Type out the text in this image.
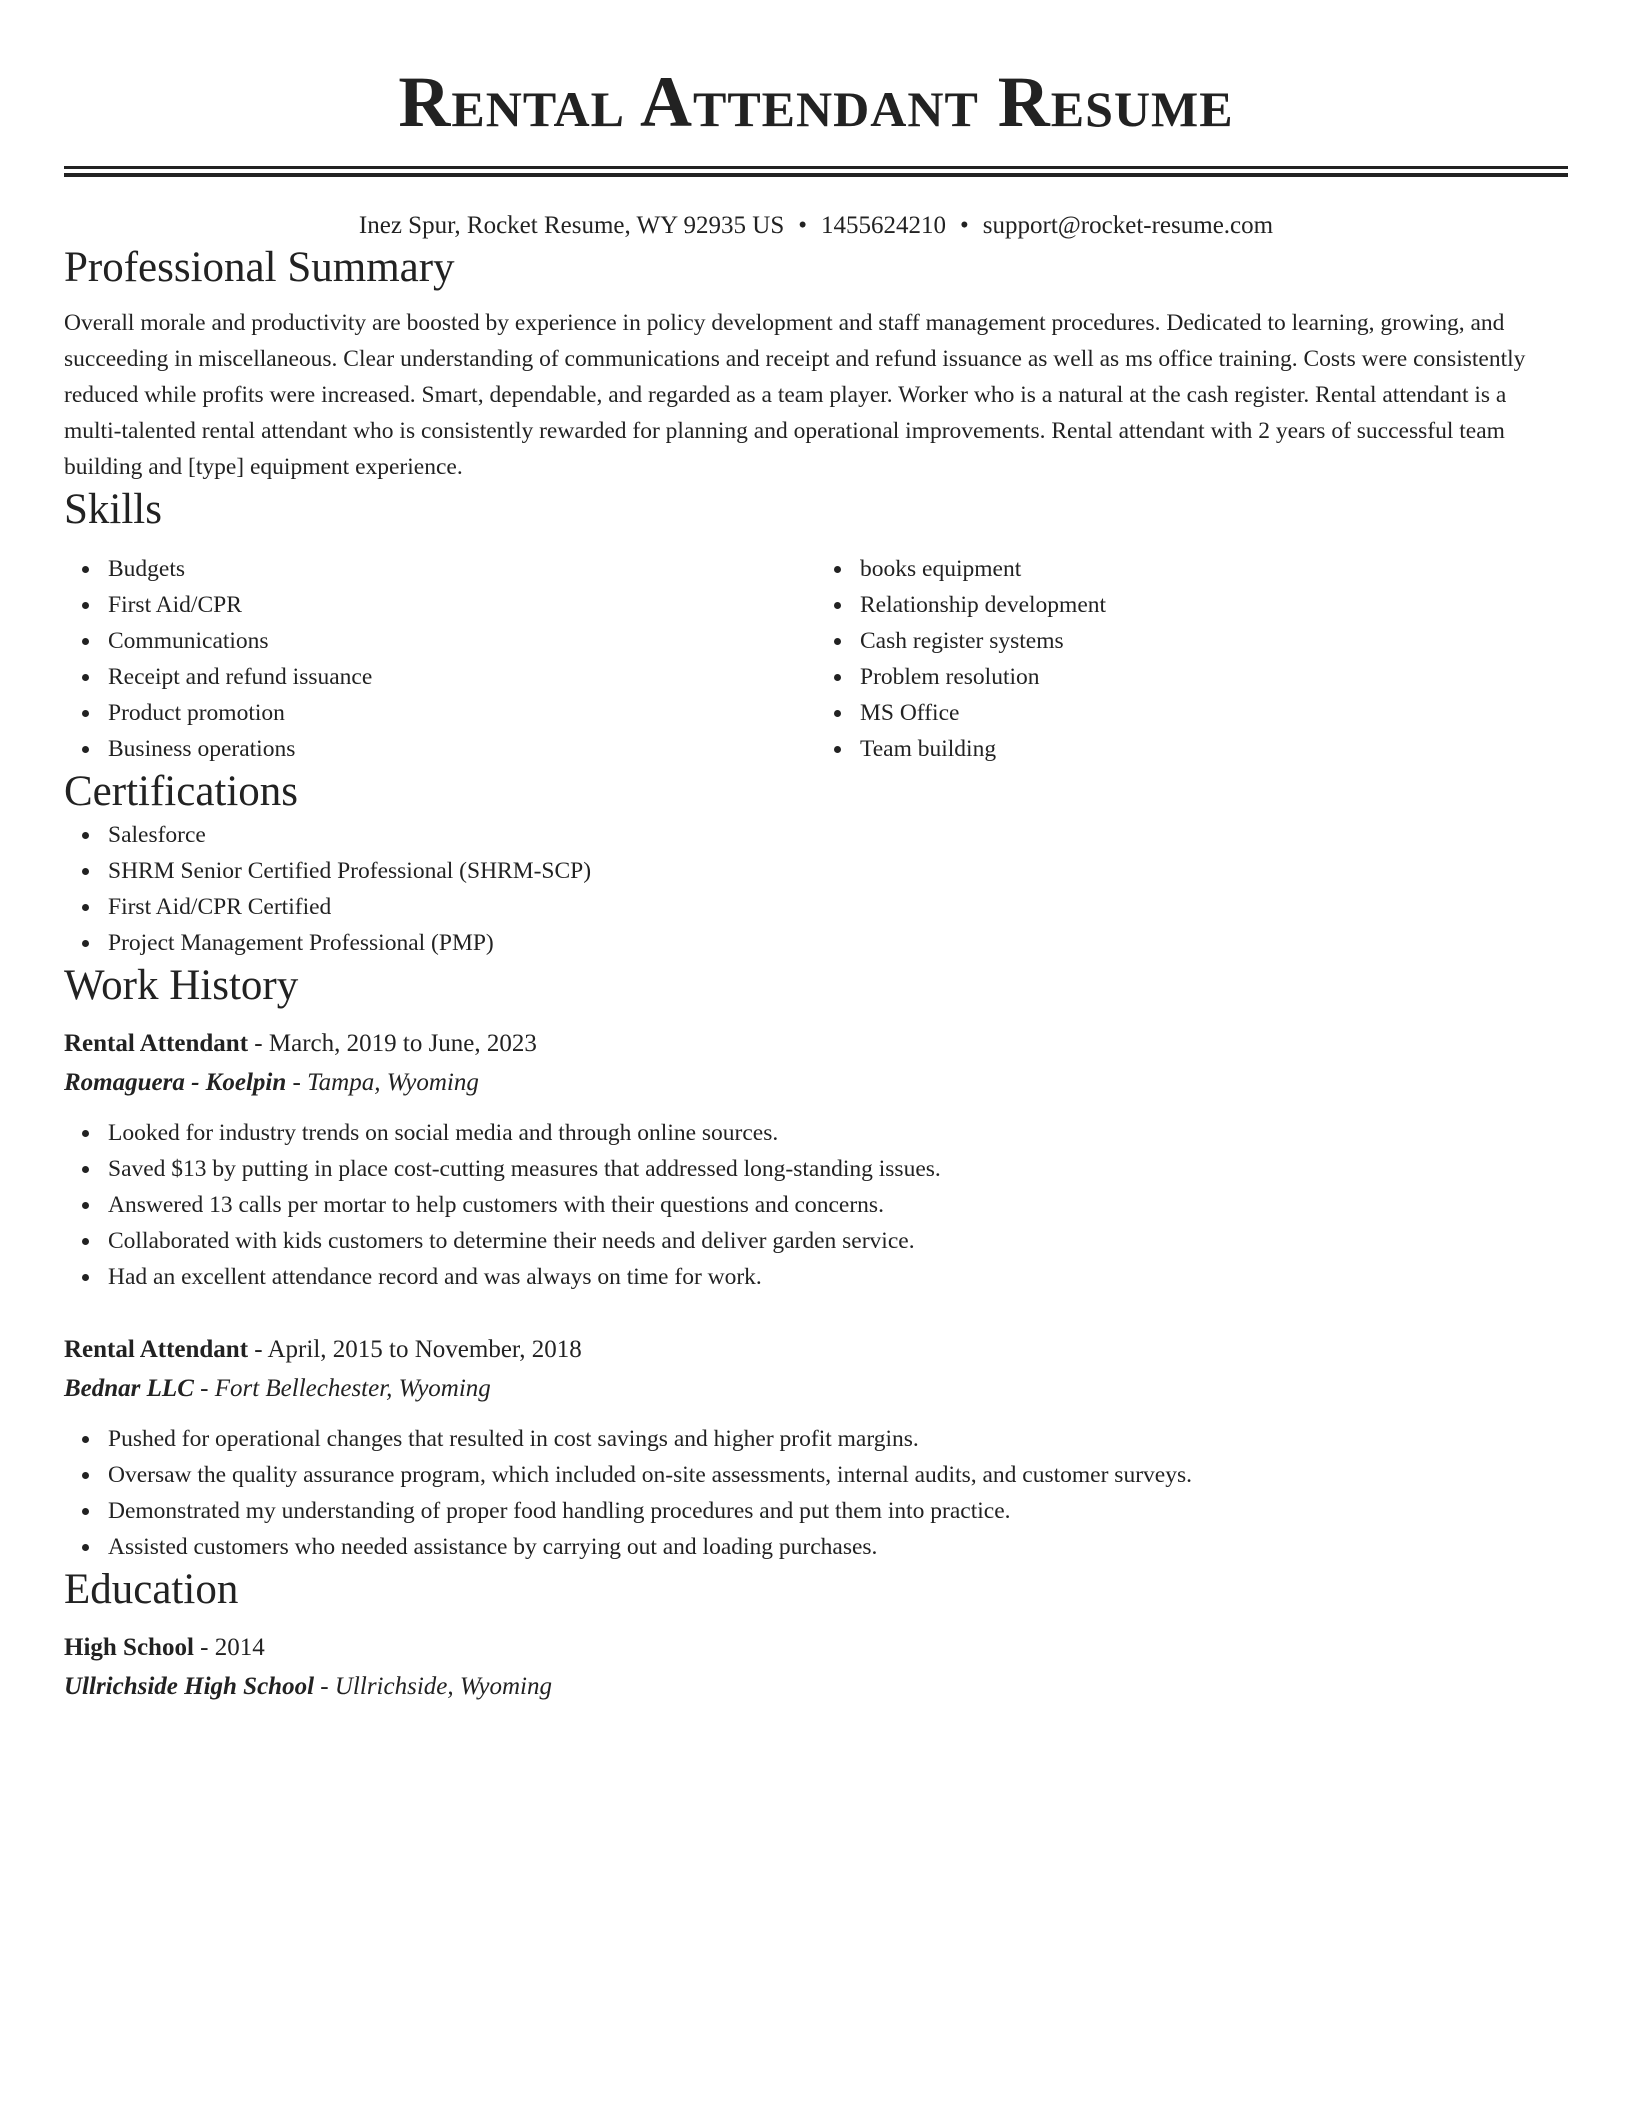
Rental Attendant Resume
Inez Spur, Rocket Resume, WY 92935 US • 1455624210 • support@rocket-resume.com
Professional Summary

Overall morale and productivity are boosted by experience in policy development and staff management procedures. Dedicated to learning, growing, and succeeding in miscellaneous. Clear understanding of communications and receipt and refund issuance as well as ms office training. Costs were consistently reduced while profits were increased. Smart, dependable, and regarded as a team player. Worker who is a natural at the cash register. Rental attendant is a multi-talented rental attendant who is consistently rewarded for planning and operational improvements. Rental attendant with 2 years of successful team building and [type] equipment experience.

Skills
Budgets
First Aid/CPR
Communications
Receipt and refund issuance
Product promotion
Business operations
books equipment
Relationship development
Cash register systems
Problem resolution
MS Office
Team building
Certifications
Salesforce
SHRM Senior Certified Professional (SHRM-SCP)
First Aid/CPR Certified
Project Management Professional (PMP)
Work History
Rental Attendant - March, 2019 to June, 2023
Romaguera - Koelpin - Tampa, Wyoming
Looked for industry trends on social media and through online sources.
Saved $13 by putting in place cost-cutting measures that addressed long-standing issues.
Answered 13 calls per mortar to help customers with their questions and concerns.
Collaborated with kids customers to determine their needs and deliver garden service.
Had an excellent attendance record and was always on time for work.
Rental Attendant - April, 2015 to November, 2018
Bednar LLC - Fort Bellechester, Wyoming
Pushed for operational changes that resulted in cost savings and higher profit margins.
Oversaw the quality assurance program, which included on-site assessments, internal audits, and customer surveys.
Demonstrated my understanding of proper food handling procedures and put them into practice.
Assisted customers who needed assistance by carrying out and loading purchases.
Education
High School - 2014
Ullrichside High School - Ullrichside, Wyoming
